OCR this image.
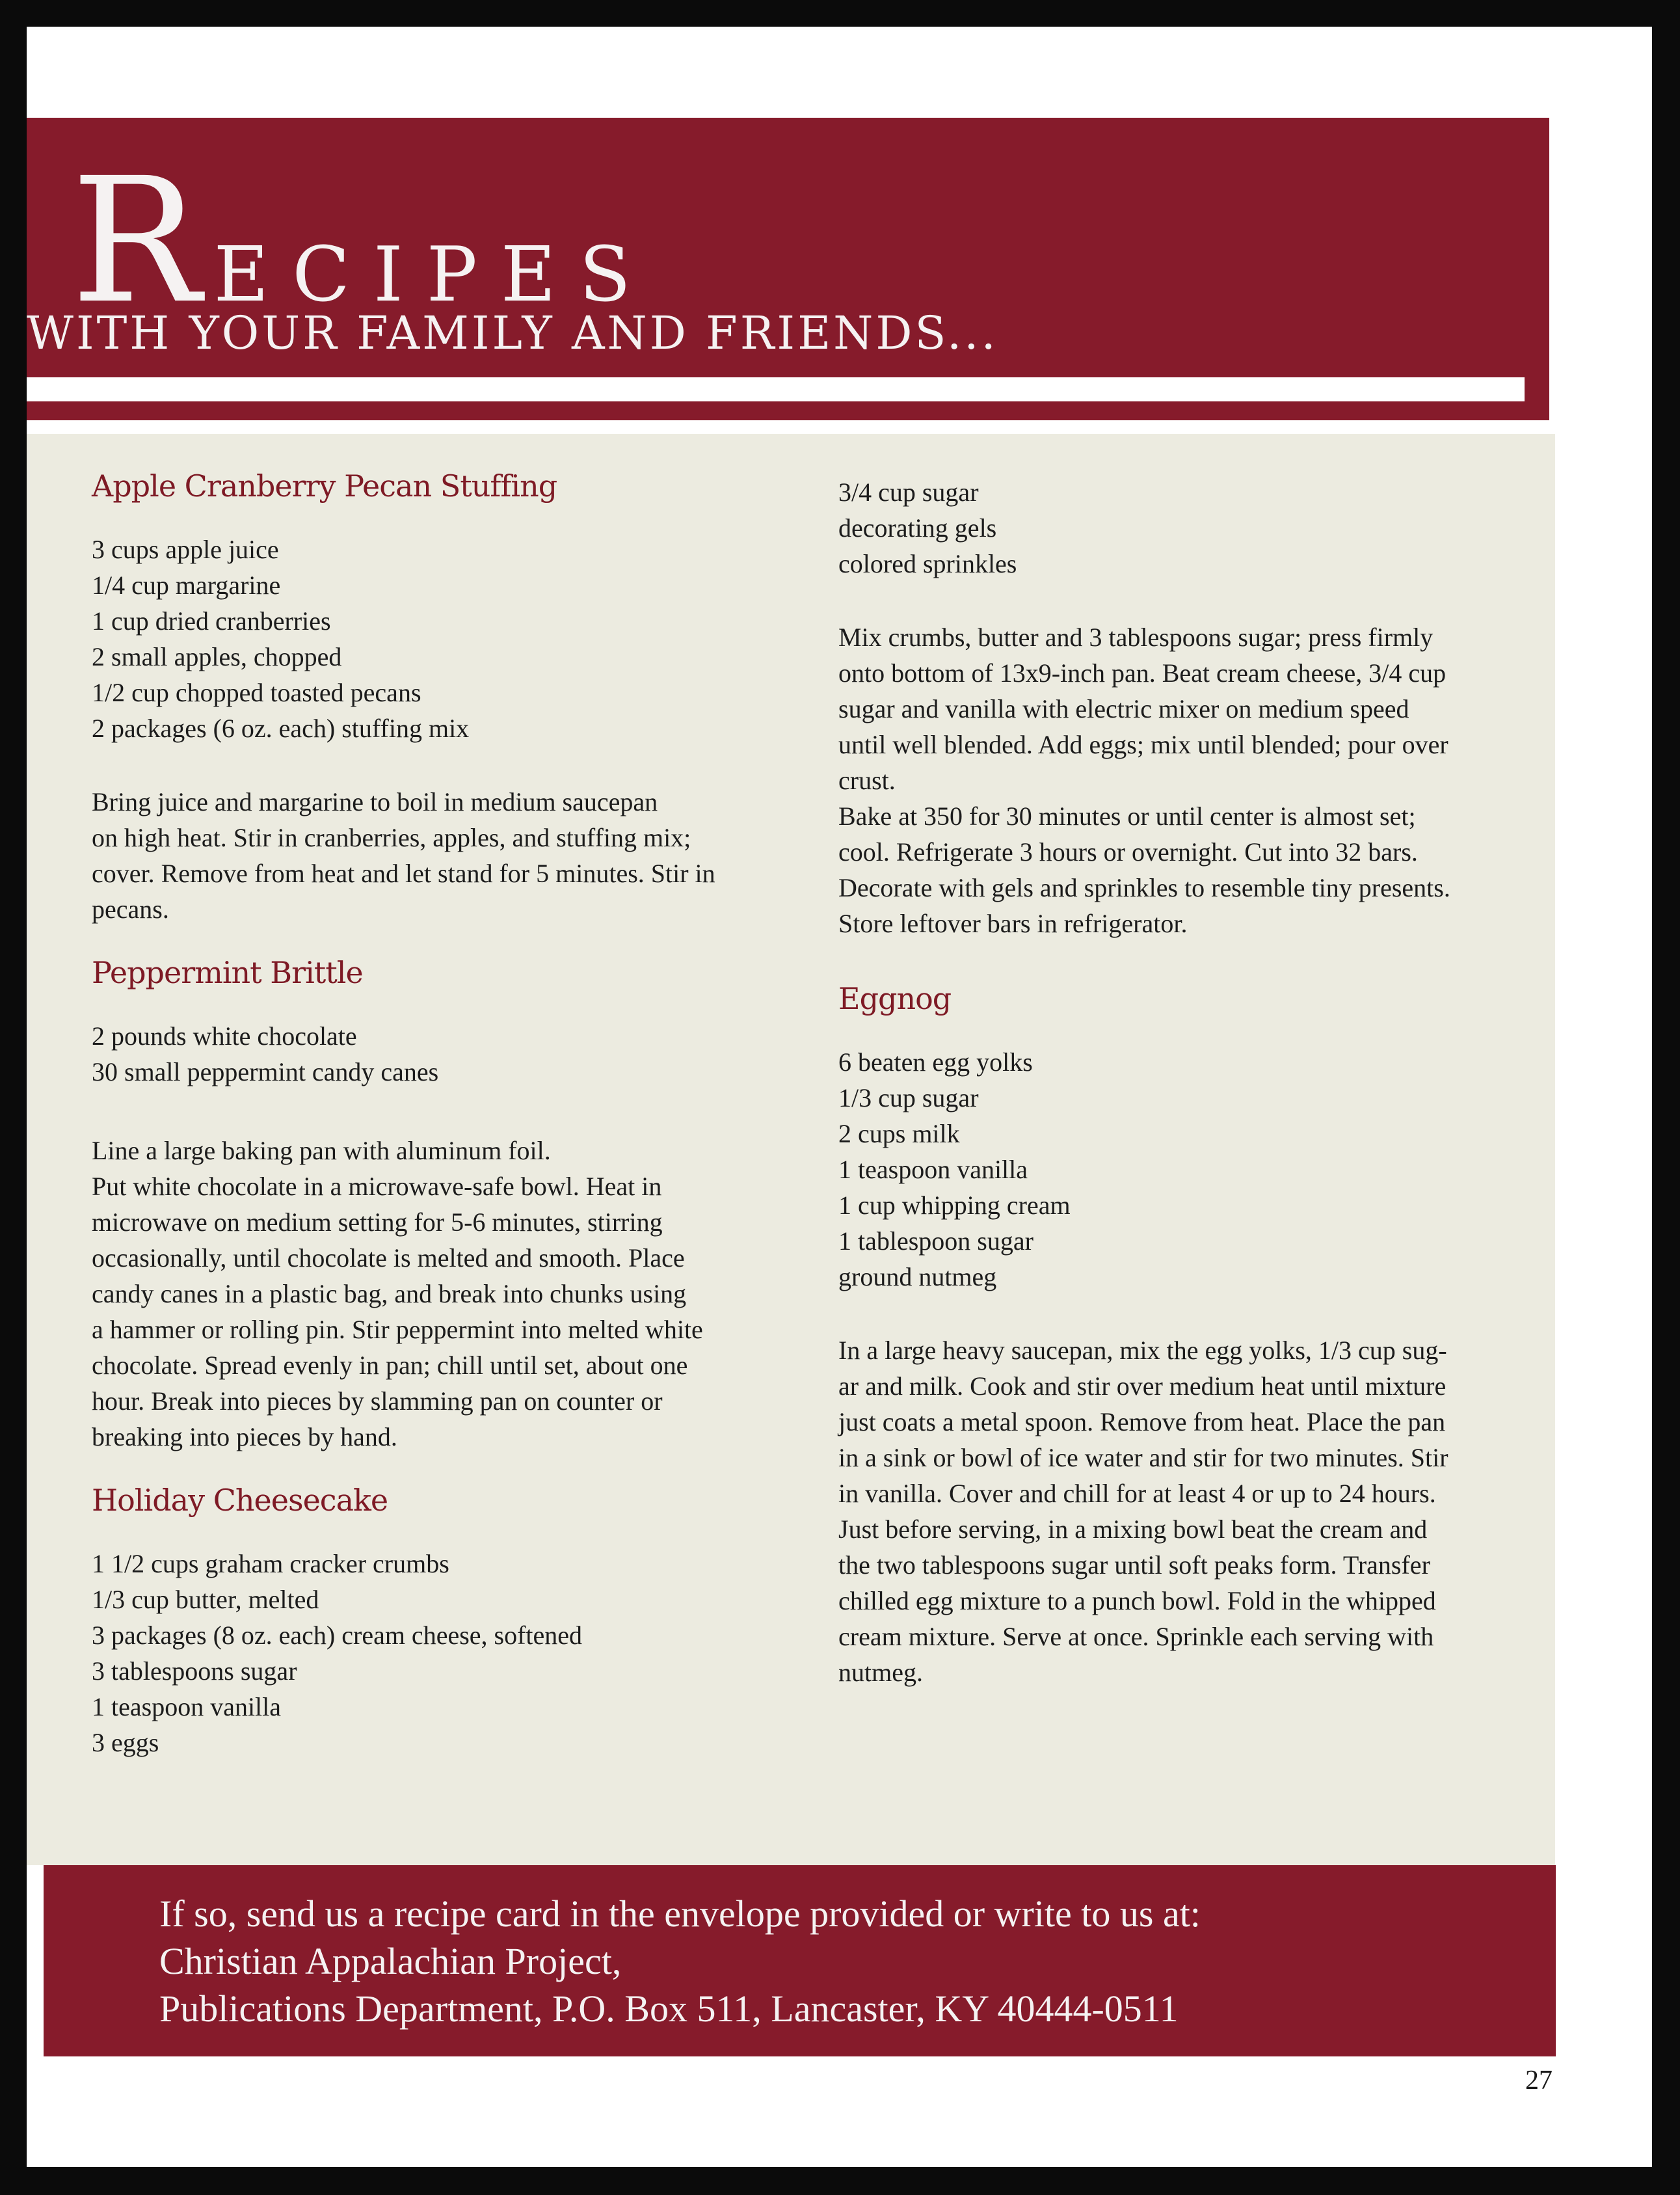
Recipes
WITH YOUR FAMILY AND FRIENDS...
Apple Cranberry Pecan Stuffing
3 cups apple juice
1/4 cup margarine
1 cup dried cranberries
2 small apples, chopped
1/2 cup chopped toasted pecans
2 packages (6 oz. each) stuffing mix

Bring juice and margarine to boil in medium saucepan

on high heat. Stir in cranberries, apples, and stuffing mix;

cover. Remove from heat and let stand for 5 minutes. Stir in

pecans.

Peppermint Brittle
2 pounds white chocolate
30 small peppermint candy canes

Line a large baking pan with aluminum foil.

Put white chocolate in a microwave-safe bowl. Heat in

microwave on medium setting for 5-6 minutes, stirring

occasionally, until chocolate is melted and smooth. Place

candy canes in a plastic bag, and break into chunks using

a hammer or rolling pin. Stir peppermint into melted white

chocolate. Spread evenly in pan; chill until set, about one

hour. Break into pieces by slamming pan on counter or

breaking into pieces by hand.

Holiday Cheesecake
1 1/2 cups graham cracker crumbs
1/3 cup butter, melted
3 packages (8 oz. each) cream cheese, softened
3 tablespoons sugar
1 teaspoon vanilla
3 eggs
3/4 cup sugar
decorating gels
colored sprinkles

Mix crumbs, butter and 3 tablespoons sugar; press firmly

onto bottom of 13x9-inch pan. Beat cream cheese, 3/4 cup

sugar and vanilla with electric mixer on medium speed

until well blended. Add eggs; mix until blended; pour over

crust.

Bake at 350 for 30 minutes or until center is almost set;

cool. Refrigerate 3 hours or overnight. Cut into 32 bars.

Decorate with gels and sprinkles to resemble tiny presents.

Store leftover bars in refrigerator.

Eggnog
6 beaten egg yolks
1/3 cup sugar
2 cups milk
1 teaspoon vanilla
1 cup whipping cream
1 tablespoon sugar
ground nutmeg

In a large heavy saucepan, mix the egg yolks, 1/3 cup sug-

ar and milk. Cook and stir over medium heat until mixture

just coats a metal spoon. Remove from heat. Place the pan

in a sink or bowl of ice water and stir for two minutes. Stir

in vanilla. Cover and chill for at least 4 or up to 24 hours.

Just before serving, in a mixing bowl beat the cream and

the two tablespoons sugar until soft peaks form. Transfer

chilled egg mixture to a punch bowl. Fold in the whipped

cream mixture. Serve at once. Sprinkle each serving with

nutmeg.

If so, send us a recipe card in the envelope provided or write to us at:
Christian Appalachian Project,
Publications Department, P.O. Box 511, Lancaster, KY 40444-0511
27
